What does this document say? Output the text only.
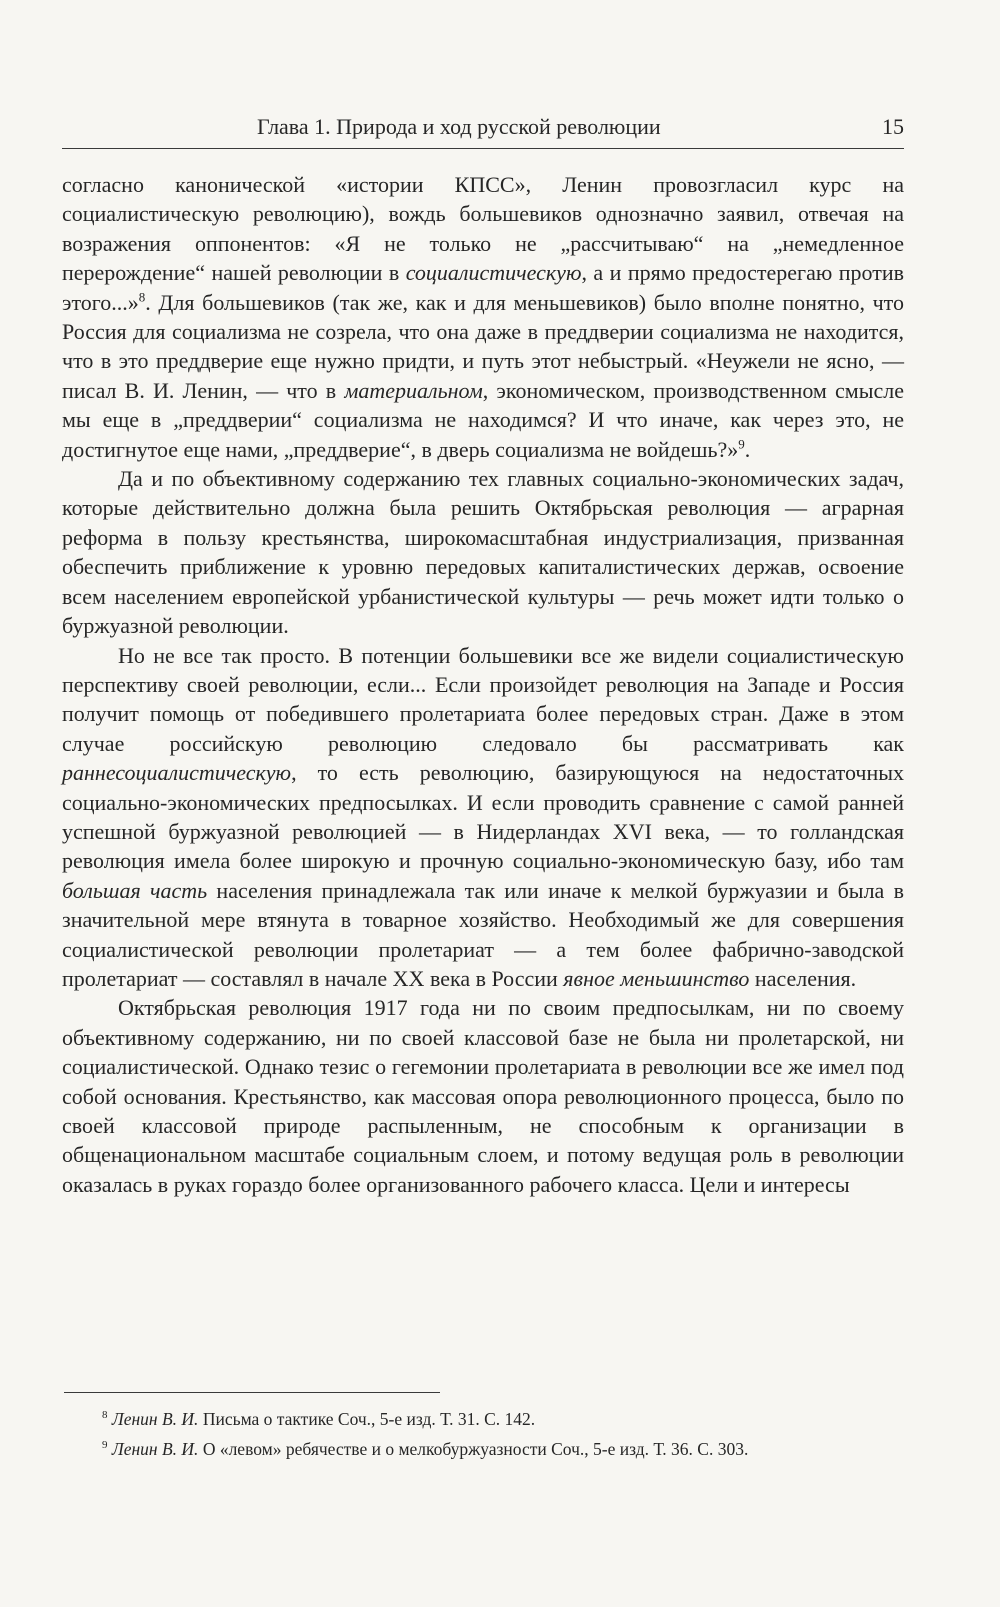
Глава 1. Природа и ход русской революции	15

согласно канонической «истории КПСС», Ленин провозгласил курс на социалистическую революцию), вождь большевиков однозначно заявил, отвечая на возражения оппонентов: «Я не только не „рассчитываю“ на „немедленное перерождение“ нашей революции в социалистическую, а и прямо предостерегаю против этого...»$^8$. Для большевиков (так же, как и для меньшевиков) было вполне понятно, что Россия для социализма не созрела, что она даже в преддверии социализма не находится, что в это преддверие еще нужно придти, и путь этот небыстрый. «Неужели не ясно, — писал В. И. Ленин, — что в материальном, экономическом, производственном смысле мы еще в „преддверии“ социализма не находимся? И что иначе, как через это, не достигнутое еще нами, „преддверие“, в дверь социализма не войдешь?»$^9$.

Да и по объективному содержанию тех главных социально-экономических задач, которые действительно должна была решить Октябрьская революция — аграрная реформа в пользу крестьянства, широкомасштабная индустриализация, призванная обеспечить приближение к уровню передовых капиталистических держав, освоение всем населением европейской урбанистической культуры — речь может идти только о буржуазной революции.

Но не все так просто. В потенции большевики все же видели социалистическую перспективу своей революции, если... Если произойдет революция на Западе и Россия получит помощь от победившего пролетариата более передовых стран. Даже в этом случае российскую революцию следовало бы рассматривать как раннесоциалистическую, то есть революцию, базирующуюся на недостаточных социально-экономических предпосылках. И если проводить сравнение с самой ранней успешной буржуазной революцией — в Нидерландах XVI века, — то голландская революция имела более широкую и прочную социально-экономическую базу, ибо там большая часть населения принадлежала так или иначе к мелкой буржуазии и была в значительной мере втянута в товарное хозяйство. Необходимый же для совершения социалистической революции пролетариат — а тем более фабрично-заводской пролетариат — составлял в начале XX века в России явное меньшинство населения.

Октябрьская революция 1917 года ни по своим предпосылкам, ни по своему объективному содержанию, ни по своей классовой базе не была ни пролетарской, ни социалистической. Однако тезис о гегемонии пролетариата в революции все же имел под собой основания. Крестьянство, как массовая опора революционного процесса, было по своей классовой природе распыленным, не способным к организации в общенациональном масштабе социальным слоем, и потому ведущая роль в революции оказалась в руках гораздо более организованного рабочего класса. Цели и интересы

$^8$ Ленин В. И. Письма о тактике Соч., 5-е изд. Т. 31. С. 142.
$^9$ Ленин В. И. О «левом» ребячестве и о мелкобуржуазности Соч., 5-е изд. Т. 36. С. 303.
